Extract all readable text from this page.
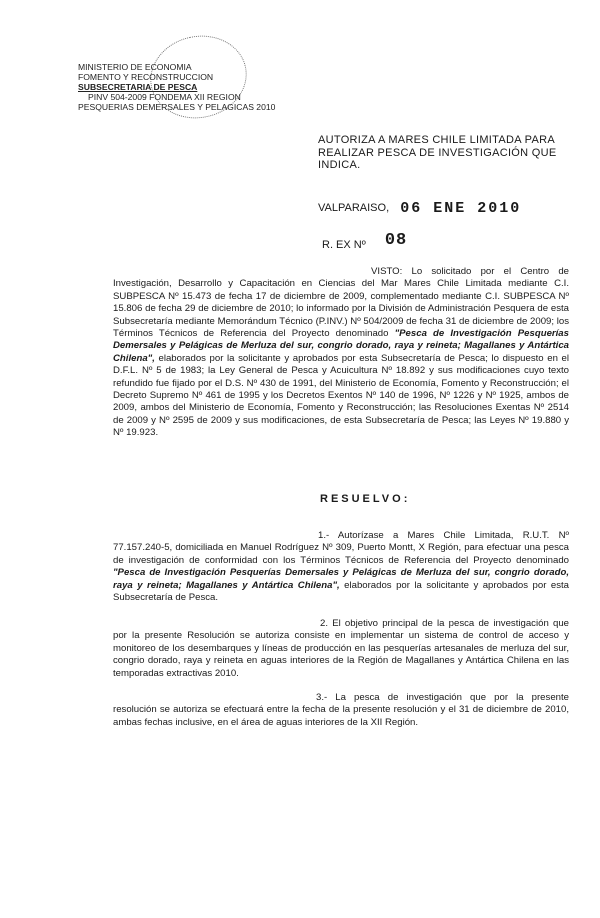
MINISTERIO DE ECONOMIA
FOMENTO Y RECONSTRUCCION
SUBSECRETARIA DE PESCA
PINV 504-2009 FONDEMA XII REGION
PESQUERIAS DEMERSALES Y PELAGICAS 2010
AUTORIZA A MARES CHILE LIMITADA PARA REALIZAR PESCA DE INVESTIGACIÓN QUE INDICA.
VALPARAISO, 06 ENE 2010
R. EX Nº 08
VISTO: Lo solicitado por el Centro de Investigación, Desarrollo y Capacitación en Ciencias del Mar Mares Chile Limitada mediante C.I. SUBPESCA Nº 15.473 de fecha 17 de diciembre de 2009, complementado mediante C.I. SUBPESCA Nº 15.806 de fecha 29 de diciembre de 2010; lo informado por la División de Administración Pesquera de esta Subsecretaría mediante Memorándum Técnico (P.INV.) Nº 504/2009 de fecha 31 de diciembre de 2009; los Términos Técnicos de Referencia del Proyecto denominado "Pesca de Investigación Pesquerías Demersales y Pelágicas de Merluza del sur, congrio dorado, raya y reineta; Magallanes y Antártica Chilena", elaborados por la solicitante y aprobados por esta Subsecretaría de Pesca; lo dispuesto en el D.F.L. Nº 5 de 1983; la Ley General de Pesca y Acuicultura Nº 18.892 y sus modificaciones cuyo texto refundido fue fijado por el D.S. Nº 430 de 1991, del Ministerio de Economía, Fomento y Reconstrucción; el Decreto Supremo Nº 461 de 1995 y los Decretos Exentos Nº 140 de 1996, Nº 1226 y Nº 1925, ambos de 2009, ambos del Ministerio de Economía, Fomento y Reconstrucción; las Resoluciones Exentas Nº 2514 de 2009 y Nº 2595 de 2009 y sus modificaciones, de esta Subsecretaría de Pesca; las Leyes Nº 19.880 y Nº 19.923.
RESUELVO:
1.- Autorízase a Mares Chile Limitada, R.U.T. Nº 77.157.240-5, domiciliada en Manuel Rodríguez Nº 309, Puerto Montt, X Región, para efectuar una pesca de investigación de conformidad con los Términos Técnicos de Referencia del Proyecto denominado "Pesca de Investigación Pesquerías Demersales y Pelágicas de Merluza del sur, congrio dorado, raya y reineta; Magallanes y Antártica Chilena", elaborados por la solicitante y aprobados por esta Subsecretaría de Pesca.
2. El objetivo principal de la pesca de investigación que por la presente Resolución se autoriza consiste en implementar un sistema de control de acceso y monitoreo de los desembarques y líneas de producción en las pesquerías artesanales de merluza del sur, congrio dorado, raya y reineta en aguas interiores de la Región de Magallanes y Antártica Chilena en las temporadas extractivas 2010.
3.- La pesca de investigación que por la presente resolución se autoriza se efectuará entre la fecha de la presente resolución y el 31 de diciembre de 2010, ambas fechas inclusive, en el área de aguas interiores de la XII Región.
